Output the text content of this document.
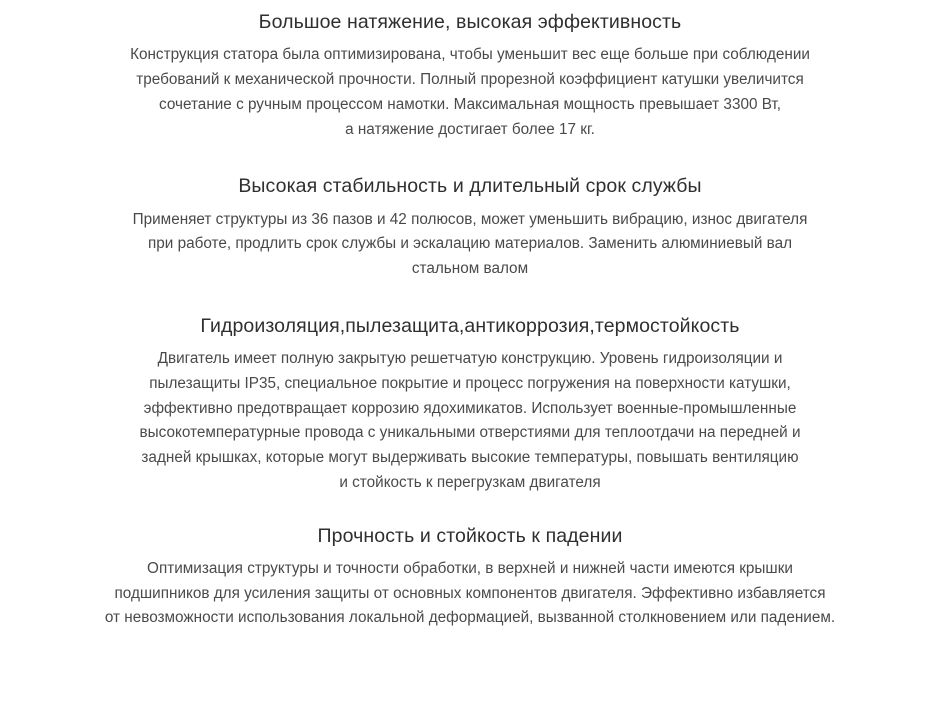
Большое натяжение, высокая эффективность

Конструкция статора была оптимизирована, чтобы уменьшит вес еще больше при соблюдении

требований к механической прочности. Полный прорезной коэффициент катушки увеличится

сочетание с ручным процессом намотки. Максимальная мощность превышает 3300 Вт,

а натяжение достигает более 17 кг.

Высокая стабильность и длительный срок службы

Применяет структуры из 36 пазов и 42 полюсов, может уменьшить вибрацию, износ двигателя

при работе, продлить срок службы и эскалацию материалов. Заменить алюминиевый вал

стальном валом

Гидроизоляция,пылезащита,антикоррозия,термостойкость

Двигатель имеет полную закрытую решетчатую конструкцию. Уровень гидроизоляции и

пылезащиты IP35, специальное покрытие и процесс погружения на поверхности катушки,

эффективно предотвращает коррозию ядохимикатов. Использует военные-промышленные

высокотемпературные провода с уникальными отверстиями для теплоотдачи на передней и

задней крышках, которые могут выдерживать высокие температуры, повышать вентиляцию

и стойкость к перегрузкам двигателя

Прочность и стойкость к падении

Оптимизация структуры и точности обработки, в верхней и нижней части имеются крышки

подшипников для усиления защиты от основных компонентов двигателя. Эффективно избавляется

от невозможности использования локальной деформацией, вызванной столкновением или падением.
